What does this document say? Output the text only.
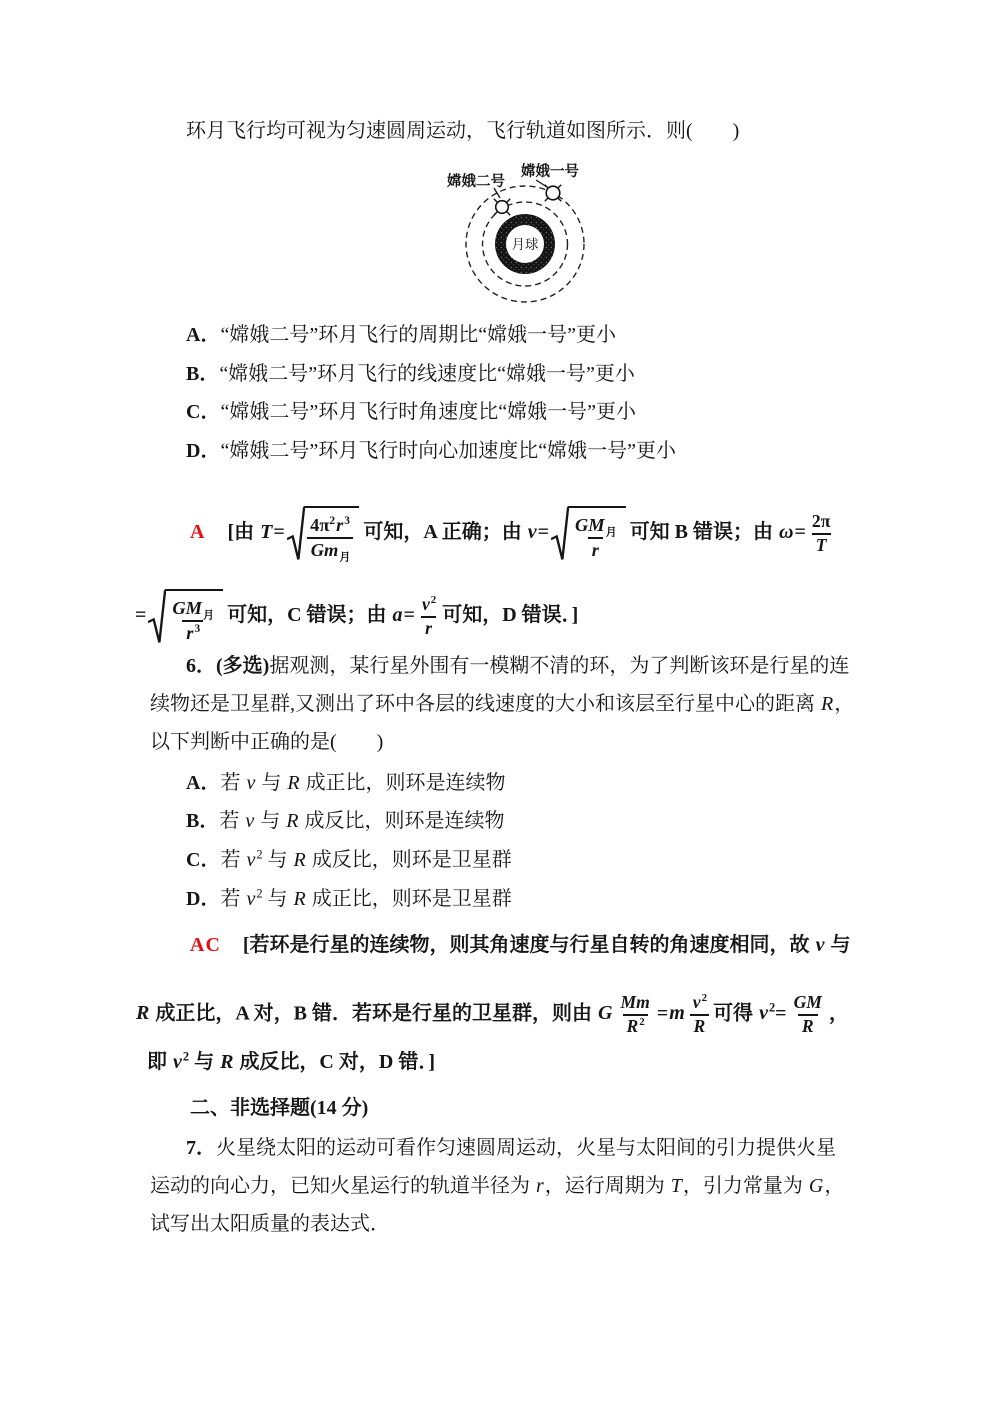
环月飞行均可视为匀速圆周运动，飞行轨道如图所示．则(　　)
月球
嫦娥二号
嫦娥一号
A．“嫦娥二号”环月飞行的周期比“嫦娥一号”更小
B．“嫦娥二号”环月飞行的线速度比“嫦娥一号”更小
C．“嫦娥二号”环月飞行时角速度比“嫦娥一号”更小
D．“嫦娥二号”环月飞行时向心加速度比“嫦娥一号”更小
A [由 $T= \frac{4\pi^2r^3}{Gm_月}$ 可知，A 正确；由 $v= \frac{GM_月}{r}$ 可知 B 错误；由 $\omega= \frac{2\pi}{T}$
= $\frac{GM_月}{r^3}$ 可知，C 错误；由 $a= \frac{v^2}{r}$ 可知，D 错误．]
6．(多选)据观测，某行星外围有一模糊不清的环，为了判断该环是行星的连
续物还是卫星群,又测出了环中各层的线速度的大小和该层至行星中心的距离 R，
以下判断中正确的是(　　)
A．若 v 与 R 成正比，则环是连续物
B．若 v 与 R 成反比，则环是连续物
C．若 $v^2$ 与 R 成反比，则环是卫星群
D．若 $v^2$ 与 R 成正比，则环是卫星群
AC [若环是行星的连续物，则其角速度与行星自转的角速度相同，故 v 与
R 成正比，A 对，B 错．若环是行星的卫星群，则由 G $\frac{Mm}{R^2} =m \frac{v^2}{R}$ 可得 $v^2= \frac{GM}{R}$ ，
即 $v^2$ 与 R 成反比，C 对，D 错．]
二、非选择题(14 分)
7．火星绕太阳的运动可看作匀速圆周运动，火星与太阳间的引力提供火星
运动的向心力，已知火星运行的轨道半径为 r，运行周期为 T，引力常量为 G，
试写出太阳质量的表达式．
